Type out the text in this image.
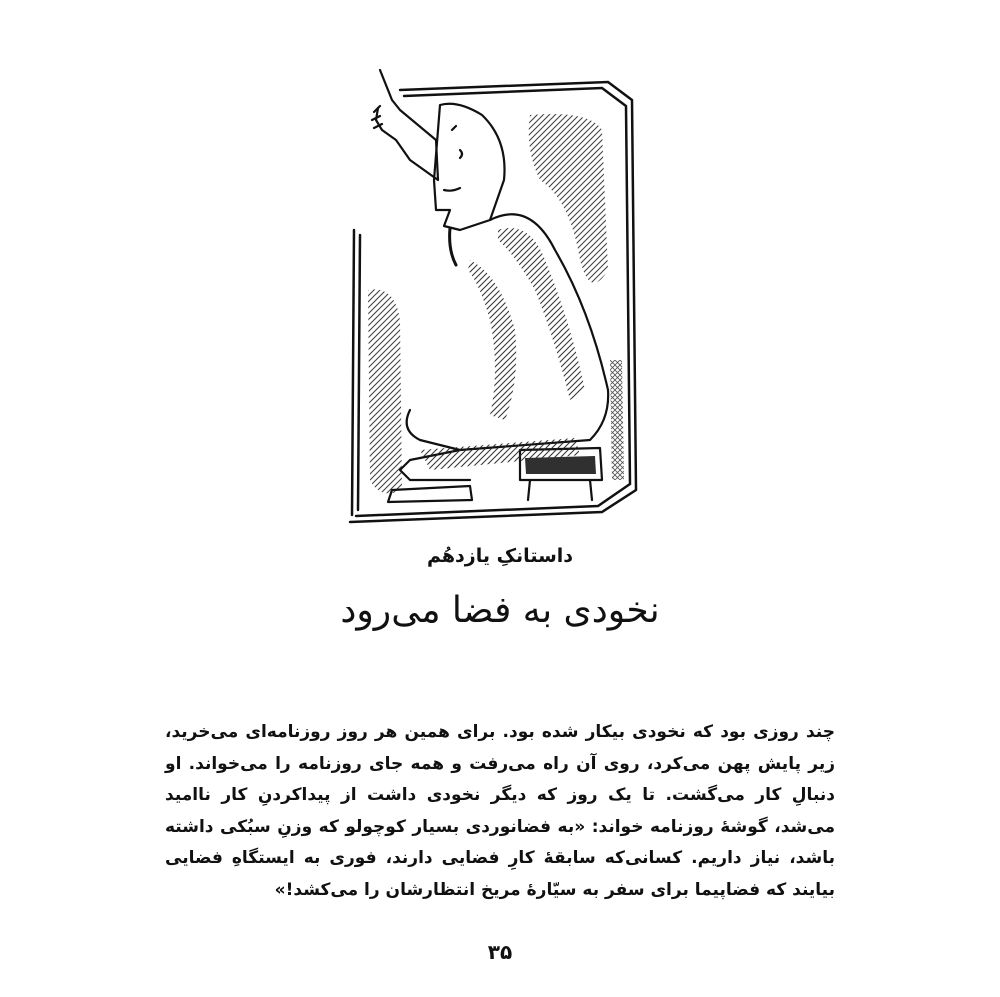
داستانکِ یازدهُم
نخودی به فضا می‌رود

چند روزی بود که نخودی بیکار شده بود. برای همین هر روز روزنامه‌ای می‌خرید، زیر پایش پهن می‌کرد، روی آن راه می‌رفت و همه جای روزنامه را می‌خواند. او دنبالِ کار می‌گشت. تا یک روز که دیگر نخودی داشت از پیداکردنِ کار ناامید می‌شد، گوشهٔ روزنامه خواند: «به فضانوردی بسیار کوچولو که وزنِ سبُکی داشته باشد، نیاز داریم. کسانی‌که سابقهٔ کارِ فضایی دارند، فوری به ایستگاهِ فضایی بیایند که فضاپیما برای سفر به سیّارهٔ مریخ انتظارشان را می‌کشد!»

۳۵
